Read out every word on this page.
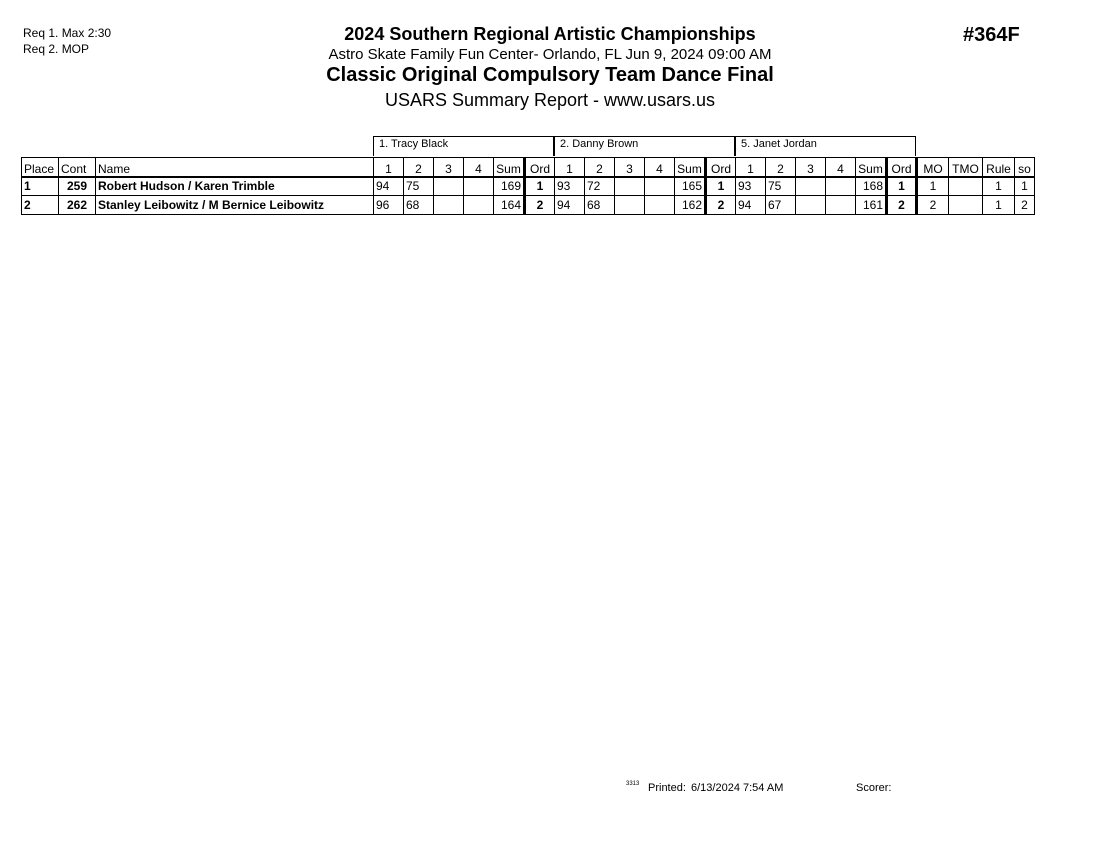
Req 1. Max 2:30
Req 2. MOP
#364F
2024 Southern Regional Artistic Championships
Astro Skate Family Fun Center- Orlando, FL Jun 9, 2024 09:00 AM
Classic Original Compulsory Team Dance Final
USARS Summary Report - www.usars.us
1. Tracy Black	2. Danny Brown	5. Janet Jordan
Place	Cont	Name	1	2	3	4	Sum	Ord	1	2	3	4	Sum	Ord	1	2	3	4	Sum	Ord	MO	TMO	Rule	so
1	259	Robert Hudson / Karen Trimble	94	75			169	1	93	72			165	1	93	75			168	1	1		1	1
2	262	Stanley Leibowitz / M Bernice Leibowitz	96	68			164	2	94	68			162	2	94	67			161	2	2		1	2
3313 Printed: 6/13/2024 7:54 AM	Scorer:
